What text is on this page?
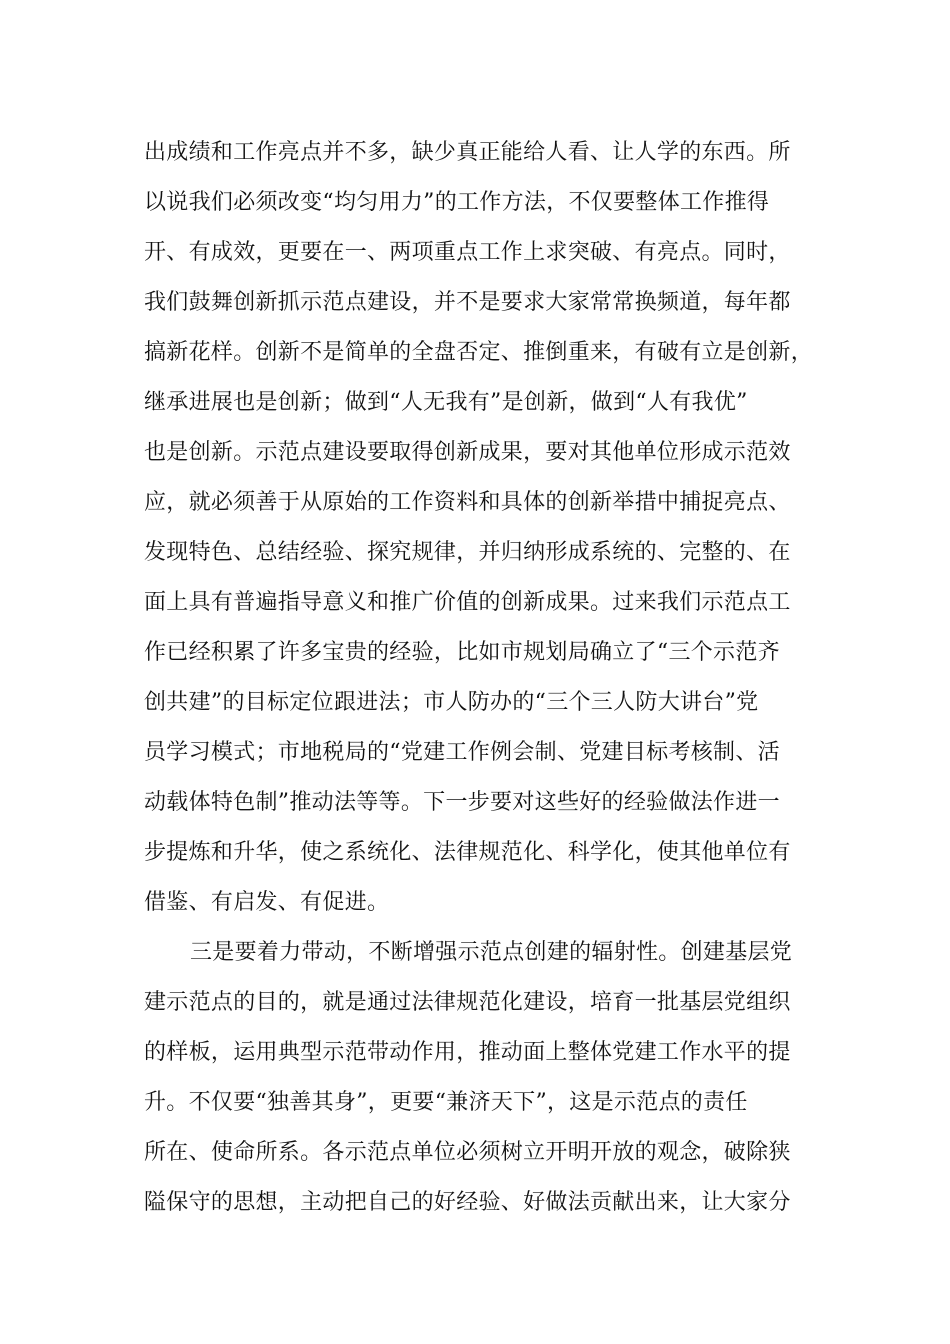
出成绩和工作亮点并不多，缺少真正能给人看、让人学的东西。所
以说我们必须改变“均匀用力”的工作方法，不仅要整体工作推得
开、有成效，更要在一、两项重点工作上求突破、有亮点。同时，
我们鼓舞创新抓示范点建设，并不是要求大家常常换频道，每年都
搞新花样。创新不是简单的全盘否定、推倒重来，有破有立是创新，
继承进展也是创新；做到“人无我有”是创新，做到“人有我优”
也是创新。示范点建设要取得创新成果，要对其他单位形成示范效
应，就必须善于从原始的工作资料和具体的创新举措中捕捉亮点、
发现特色、总结经验、探究规律，并归纳形成系统的、完整的、在
面上具有普遍指导意义和推广价值的创新成果。过来我们示范点工
作已经积累了许多宝贵的经验，比如市规划局确立了“三个示范齐
创共建”的目标定位跟进法；市人防办的“三个三人防大讲台”党
员学习模式；市地税局的“党建工作例会制、党建目标考核制、活
动载体特色制”推动法等等。下一步要对这些好的经验做法作进一
步提炼和升华，使之系统化、法律规范化、科学化，使其他单位有
借鉴、有启发、有促进。
三是要着力带动，不断增强示范点创建的辐射性。创建基层党
建示范点的目的，就是通过法律规范化建设，培育一批基层党组织
的样板，运用典型示范带动作用，推动面上整体党建工作水平的提
升。不仅要“独善其身”，更要“兼济天下”，这是示范点的责任
所在、使命所系。各示范点单位必须树立开明开放的观念，破除狭
隘保守的思想，主动把自己的好经验、好做法贡献出来，让大家分
